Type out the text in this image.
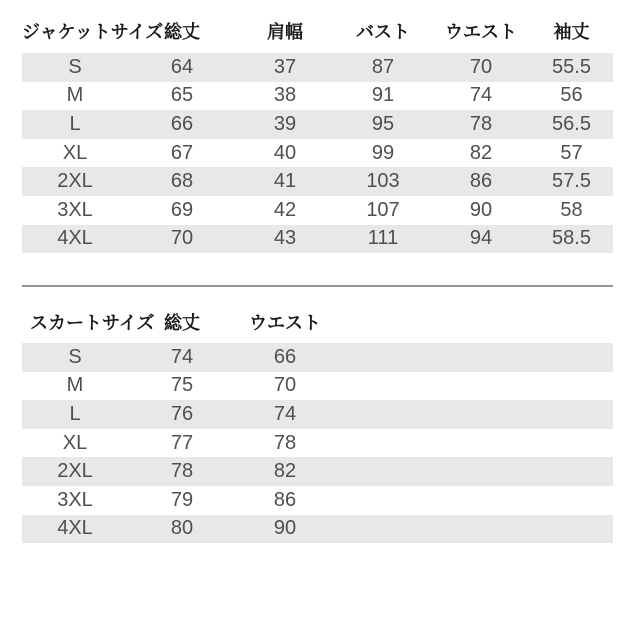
ジャケットサイズ	総丈	肩幅	バスト	ウエスト	袖丈
S	64	37	87	70	55.5
M	65	38	91	74	56
L	66	39	95	78	56.5
XL	67	40	99	82	57
2XL	68	41	103	86	57.5
3XL	69	42	107	90	58
4XL	70	43	111	94	58.5
スカートサイズ	総丈	ウエスト	
S	74	66	
M	75	70	
L	76	74	
XL	77	78	
2XL	78	82	
3XL	79	86	
4XL	80	90	
